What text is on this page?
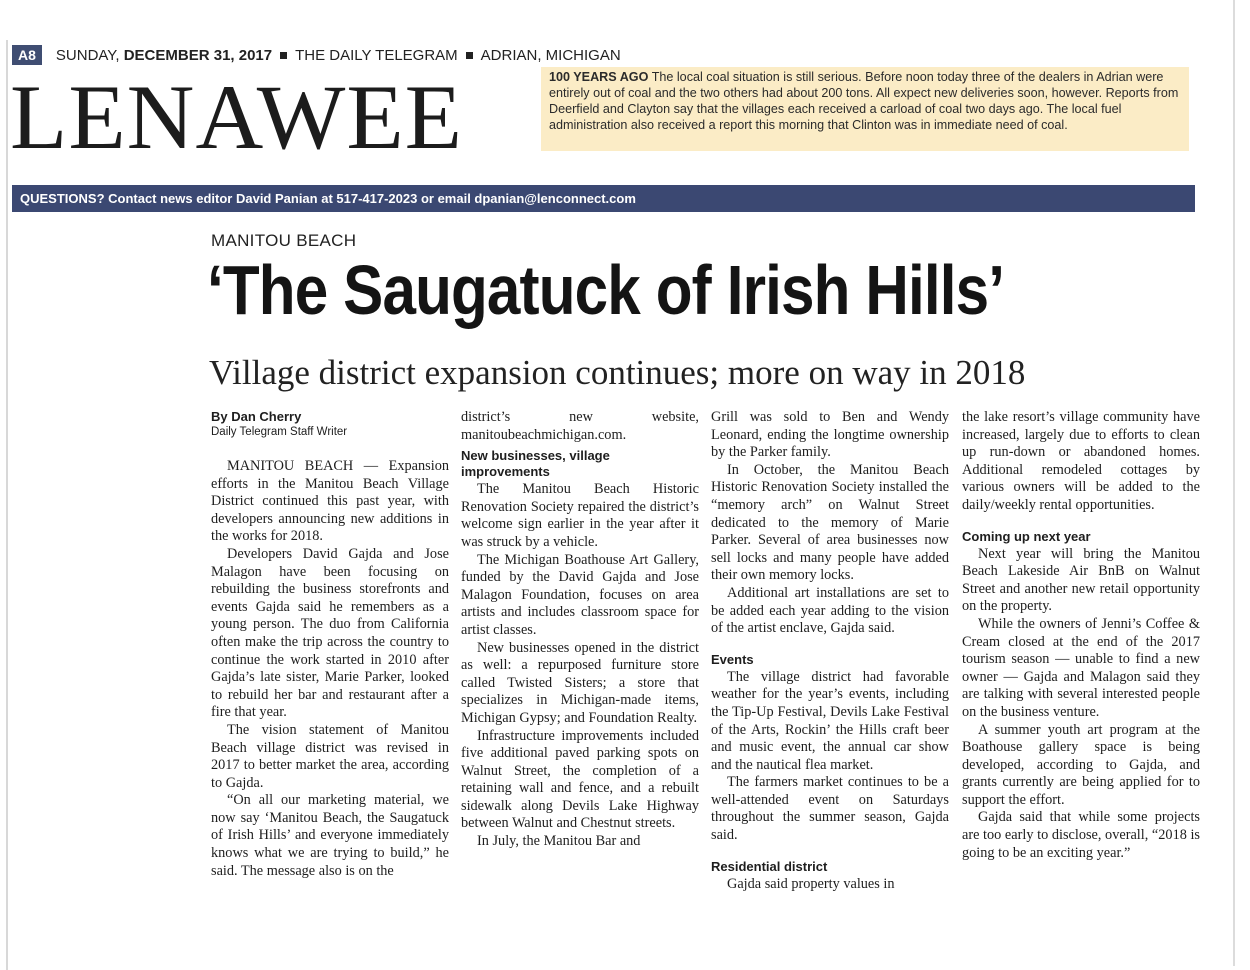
A8	SUNDAY,
DECEMBER 31, 2017 THE DAILY TELEGRAM ADRIAN, MICHIGAN
LENAWEE	100 YEARS AGO The local coal situation is still serious. Before noon today three of the dealers in Adrian were entirely out of coal and the two others had about 200 tons. All expect new deliveries soon, however. Reports from Deerfield and Clayton say that the villages each received a carload of coal two days ago. The local fuel administration also received a report this morning that Clinton was in immediate need of coal.
QUESTIONS? Contact news editor David Panian at 517-417-2023 or email dpanian@lenconnect.com
MANITOU BEACH
‘The Saugatuck of Irish Hills’
Village district expansion continues; more on way in 2018
By Dan Cherry
Daily Telegram Staff Writer

MANITOU BEACH — Expansion efforts in the Manitou Beach Village District continued this past year, with developers announcing new additions in the works for 2018.

Developers David Gajda and Jose Malagon have been focusing on rebuilding the business storefronts and events Gajda said he remembers as a young person. The duo from California often make the trip across the country to continue the work started in 2010 after Gajda’s late sister, Marie Parker, looked to rebuild her bar and restaurant after a fire that year.

The vision statement of Manitou Beach village district was revised in 2017 to better market the area, according to Gajda.

“On all our marketing material, we now say ‘Manitou Beach, the Saugatuck of Irish Hills’ and everyone immediately knows what we are trying to build,” he said. The message also is on the

district’s new website, manitoubeachmichigan.com.

New businesses, village improvements

The Manitou Beach Historic Renovation Society repaired the district’s welcome sign earlier in the year after it was struck by a vehicle.

The Michigan Boathouse Art Gallery, funded by the David Gajda and Jose Malagon Foundation, focuses on area artists and includes classroom space for artist classes.

New businesses opened in the district as well: a repurposed furniture store called Twisted Sisters; a store that specializes in Michigan-made items, Michigan Gypsy; and Foundation Realty.

Infrastructure improvements included five additional paved parking spots on Walnut Street, the completion of a retaining wall and fence, and a rebuilt sidewalk along Devils Lake Highway between Walnut and Chestnut streets.

In July, the Manitou Bar and

Grill was sold to Ben and Wendy Leonard, ending the longtime ownership by the Parker family.

In October, the Manitou Beach Historic Renovation Society installed the “memory arch” on Walnut Street dedicated to the memory of Marie Parker. Several of area businesses now sell locks and many people have added their own memory locks.

Additional art installations are set to be added each year adding to the vision of the artist enclave, Gajda said.

Events

The village district had favorable weather for the year’s events, including the Tip-Up Festival, Devils Lake Festival of the Arts, Rockin’ the Hills craft beer and music event, the annual car show and the nautical flea market.

The farmers market continues to be a well-attended event on Saturdays throughout the summer season, Gajda said.

Residential district

Gajda said property values in

the lake resort’s village community have increased, largely due to efforts to clean up run-down or abandoned homes. Additional remodeled cottages by various owners will be added to the daily/weekly rental opportunities.

Coming up next year

Next year will bring the Manitou Beach Lakeside Air BnB on Walnut Street and another new retail opportunity on the property.

While the owners of Jenni’s Coffee & Cream closed at the end of the 2017 tourism season — unable to find a new owner — Gajda and Malagon said they are talking with several interested people on the business venture.

A summer youth art program at the Boathouse gallery space is being developed, according to Gajda, and grants currently are being applied for to support the effort.

Gajda said that while some projects are too early to disclose, overall, “2018 is going to be an exciting year.”
